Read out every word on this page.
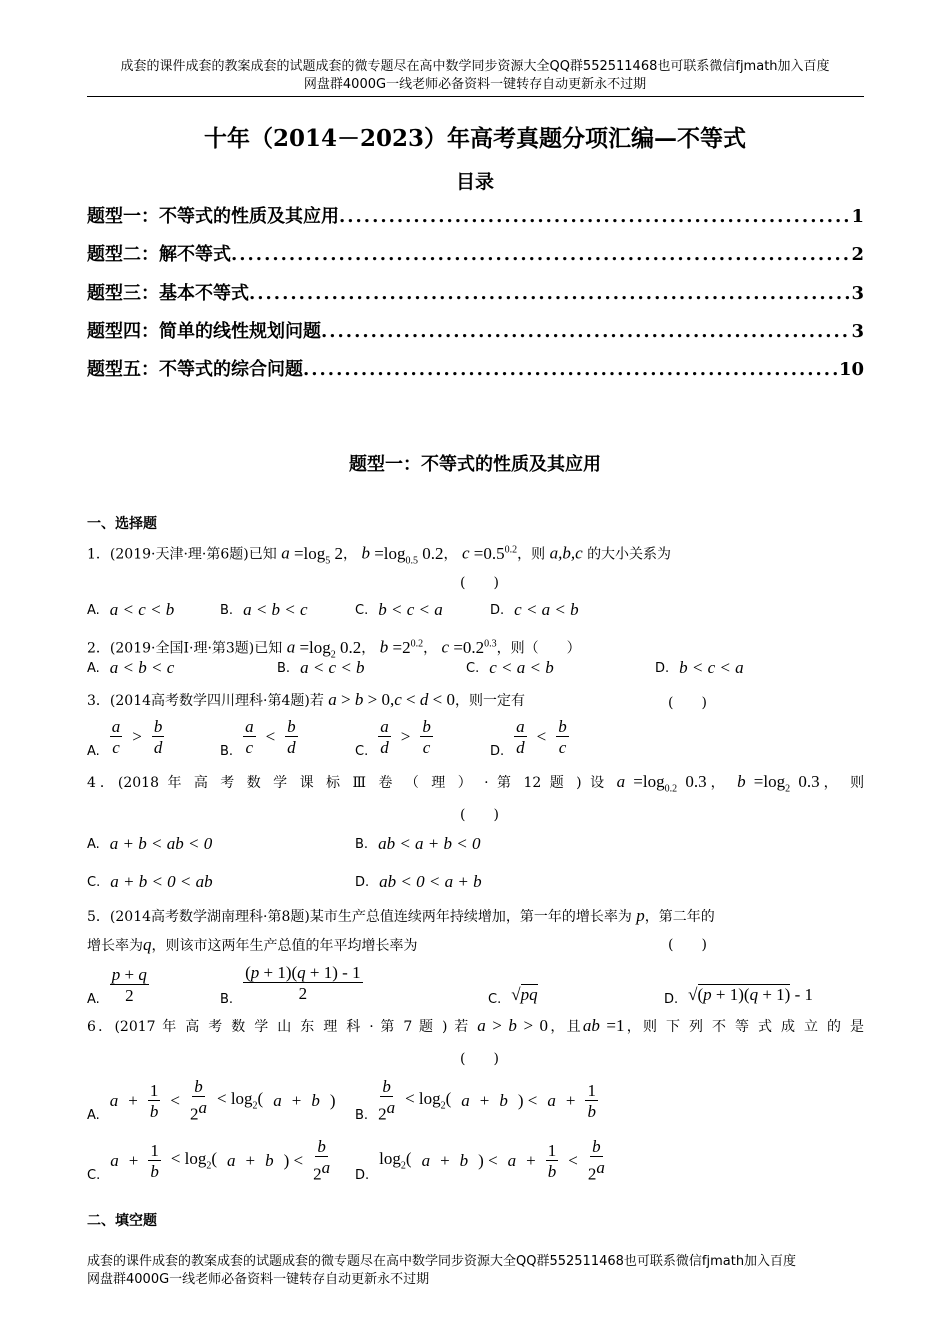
成套的课件成套的教案成套的试题成套的微专题尽在高中数学同步资源大全QQ群552511468也可联系微信fjmath加入百度
网盘群4000G一线老师必备资料一键转存自动更新永不过期
十年（2014－2023）年高考真题分项汇编—不等式
目录
题型一：不等式的性质及其应用 .....	1
题型二：解不等式 .....	2
题型三：基本不等式 .....	3
题型四：简单的线性规划问题 .....	3
题型五：不等式的综合问题 .....	10
题型一：不等式的性质及其应用
一、选择题
1．(2019·天津·理·第6题)已知 $a =\log_5$ 2， $b =\log_{0.5}$ 0.2， $c =0.5^{0.2}$，则 a,b,c 的大小关系为
(　　)
A. a < c < b	B. a < b < c	C. b < c < a	D. c < a < b
2．(2019·全国Ⅰ·理·第3题)已知 $a =\log_2$ 0.2， $b =2^{0.2}$， $c =0.2^{0.3}$，则（　　）
A. a < b < c	B. a < c < b	C. c < a < b	D. b < c < a
3．(2014高考数学四川理科·第4题)若 a > b > 0,c < d < 0，则一定有	(　　)
A. $\frac{a}{c} > \frac{b}{d}$	B. $\frac{a}{c} < \frac{b}{d}$	C. $\frac{a}{d} > \frac{b}{c}$	D. $\frac{a}{d} < \frac{b}{c}$
4．(2018 年 高 考 数 学 课 标 Ⅲ 卷 （ 理 ） · 第 12 题 ) 设 $a =\log_{0.2}$ 0.3， $b =\log_2$ 0.3， 则
(　　)
A. a + b < ab < 0	B. ab < a + b < 0
C. a + b < 0 < ab	D. ab < 0 < a + b
5．(2014高考数学湖南理科·第8题)某市生产总值连续两年持续增加，第一年的增长率为 p，第二年的
增长率为q，则该市这两年生产总值的年平均增长率为	(　　)
A. $\frac{p + q}{2}$	B. $\frac{(p + 1)(q + 1) - 1}{2}$	C. √pq	D. √(p + 1)(q + 1) - 1
6．(2017 年 高 考 数 学 山 东 理 科 · 第 7 题 ) 若 a > b > 0，且ab =1，则 下 列 不 等 式 成 立 的 是
(　　)
A.
$a + \frac{1}{b} < \frac{b}{2^a} < \log_2$( a + b )
B. $\frac{b}{2^a} < \log_2$( a + b ) < $a + \frac{1}{b}$
C.
$a + \frac{1}{b} < \log_2$( a + b ) < $\frac{b}{2^a} D$.
$\log_2$( a + b ) < $a + \frac{1}{b} < \frac{b}{2^a}$
二、填空题
成套的课件成套的教案成套的试题成套的微专题尽在高中数学同步资源大全QQ群552511468也可联系微信fjmath加入百度
网盘群4000G一线老师必备资料一键转存自动更新永不过期
